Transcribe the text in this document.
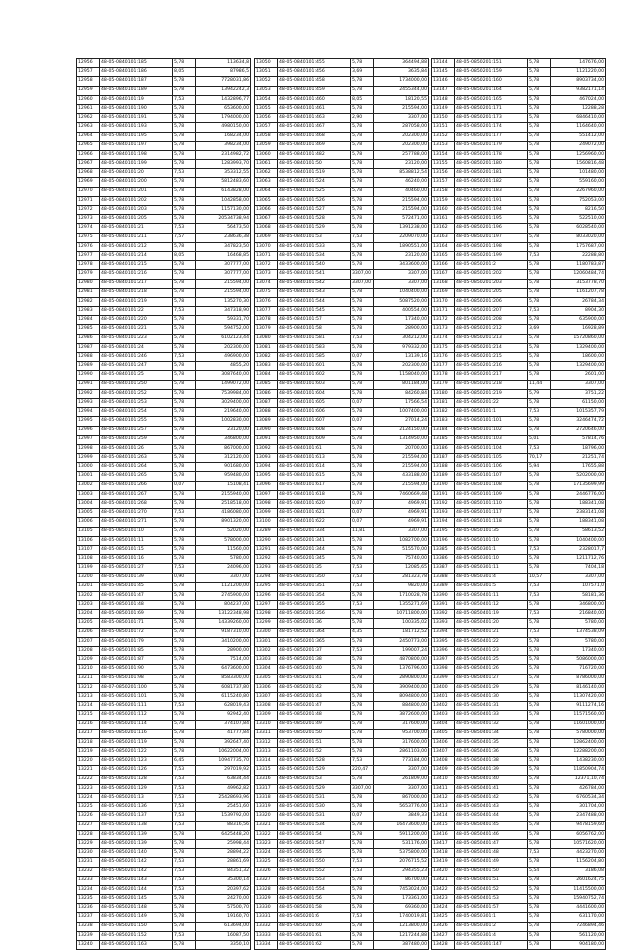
12956	48-05-0840101:185	5,78	113634,8
12957	48-05-0840101:186	8,05	87986,5
12958	48-05-0840101:187	5,78	7728031,86
12959	48-05-0840101:189	5,78	13942242,3
12960	48-05-0840101:19	7,53	1432896,77
12961	48-05-0840101:190	5,78	653600,00
12962	48-05-0840101:191	5,78	1794000,00
12963	48-05-0840101:193	5,78	4980150,00
12964	48-05-0840101:195	5,78	168234,00
12965	48-05-0840101:197	5,78	398234,00
12966	48-05-0840101:198	5,78	2314982,72
12967	48-05-0840101:199	5,78	1283993,70
12968	48-05-0840101:20	7,53	353312,55
12969	48-05-0840101:200	5,78	5812483,60
12970	48-05-0840101:201	5,78	6143828,00
12971	48-05-0840101:202	5,78	1042858,00
12972	48-05-0840101:203	5,78	1157130,00
12973	48-05-0840101:205	5,78	20534738,94
12974	48-05-0840101:21	7,53	56473,50
12975	48-05-0840101:211	7,57	238636,38
12976	48-05-0840101:212	5,78	347823,50
12977	48-05-0840101:214	8,05	16468,85
12978	48-05-0840101:215	5,78	307777,00
12979	48-05-0840101:216	5,78	307777,00
12980	48-05-0840101:217	5,78	215594,00
12981	48-05-0840101:218	5,78	215594,00
12982	48-05-0840101:219	5,78	135270,30
12983	48-05-0840101:22	7,53	347318,90
12984	48-05-0840101:220	5,78	59331,70
12985	48-05-0840101:221	5,78	594752,00
12986	48-05-0840101:223	5,78	6102123,44
12987	48-05-0840101:24	5,78	202300,00
12988	48-05-0840101:246	7,53	496900,00
12989	48-05-0840101:247	5,78	4855,20
12990	48-05-0840101:25	5,78	3087640,00
12991	48-05-0840101:250	5,78	1499072,00
12992	48-05-0840101:252	5,78	7539984,00
12993	48-05-0840101:253	5,78	3029400,00
12994	48-05-0840101:254	5,78	219640,00
12995	48-05-0840101:255	5,78	1002830,00
12996	48-05-0840101:257	5,78	23120,00
12997	48-05-0840101:259	5,78	346800,00
12998	48-05-0840101:26	5,78	867000,00
12999	48-05-0840101:263	5,78	312120,00
13000	48-05-0840101:264	5,78	901680,00
13001	48-05-0840101:265	5,78	959480,00
13002	48-05-0840101:266	0,07	15108,41
13003	48-05-0840101:267	5,78	2155940,00
13004	48-05-0840101:268	5,78	2518518,00
13005	48-05-0840101:270	7,53	4186080,00
13006	48-05-0840101:271	5,78	8901320,00
13105	48-05-0850101:10	5,78	52020,00
13106	48-05-0850101:11	5,78	578000,00
13107	48-05-0850101:15	5,78	11560,00
13108	48-05-0850101:16	5,78	5780,00
13199	48-05-0850101:27	7,53	24096,00
13200	48-05-0850101:39	0,90	3307,00
13201	48-05-0850101:45	5,78	1121200,00
13202	48-05-0850101:47	5,78	2745900,00
13203	48-05-0850101:48	5,78	804237,00
13204	48-05-0850101:69	5,78	13122348,98
13205	48-05-0850101:71	5,78	14339260,00
13206	48-05-0850101:72	5,78	9187310,00
13207	48-05-0850101:79	5,78	3410200,00
13208	48-05-0850101:85	5,78	28900,00
13209	48-05-0850101:87	5,78	7514,00
13210	48-05-0850101:90	5,78	6473600,00
13211	48-05-0850101:98	5,78	8583300,00
13212	48-07-0850201:100	5,78	6081737,80
13213	48-05-0850201:101	5,78	6115240,80
13214	48-05-0850201:111	7,53	628019,43
13215	48-05-0850201:112	5,78	92942,40
13216	48-05-0850201:114	5,78	374107,84
13217	48-05-0850201:116	5,78	41777,84
13218	48-05-0850201:119	5,78	392647,40
13219	48-05-0850201:122	5,78	10622004,00
13220	48-05-0850201:123	6,45	10947735,70
13221	48-05-0850201:126	7,53	297019,92
13222	48-05-0850201:128	7,53	63834,44
13223	48-05-0850201:129	7,53	49962,82
13224	48-05-0850201:13	7,53	25428693,96
13225	48-05-0850201:136	7,53	25451,60
13226	48-05-0850201:137	7,53	1539792,00
13227	48-05-0850201:138	7,53	88316,56
13228	48-05-0850201:139	5,78	6425448,20
13229	48-05-0850201:139	5,78	25998,44
13230	48-05-0850201:140	5,78	28894,22
13231	48-05-0850201:142	7,53	28861,69
13232	48-05-0850201:142	7,53	84351,32
13233	48-05-0850201:143	7,53	35300,14
13234	48-05-0850201:144	7,53	20397,62
13235	48-05-0850201:145	5,78	24270,00
13236	48-05-0850201:148	5,78	57500,70
13237	48-05-0850201:149	5,78	19160,70
13238	48-05-0850201:150	5,78	613694,00
13239	48-05-0850201:152	7,53	16087,50
13240	48-05-0850201:163	5,78	3350,10
13050	48-05-0840101:455	5,78	364494,88
13051	48-05-0840101:456	3,69	3635,84
13052	48-05-0840101:458	5,78	1734000,00
13053	48-05-0840101:459	5,78	2455344,00
13054	48-05-0840101:460	8,05	18120,55
13055	48-05-0840101:461	5,78	215594,00
13056	48-05-0840101:463	2,90	3307,00
13057	48-05-0840101:467	5,78	287058,00
13058	48-05-0840101:468	5,78	202300,00
13059	48-05-0840101:469	5,78	202300,00
13060	48-05-0840101:482	5,78	257788,00
13061	48-05-0840101:50	5,78	23120,00
13062	48-05-0840101:519	5,78	8538812,54
13063	48-05-0840101:524	5,78	46240,00
13064	48-05-0840101:525	5,78	40460,00
13065	48-05-0840101:526	5,78	215594,00
13066	48-05-0840101:527	5,78	215594,00
13067	48-05-0840101:528	5,78	572471,00
13068	48-05-0840101:529	5,78	1391238,00
13069	48-05-0840101:53	7,53	2209070,00
13070	48-05-0840101:533	5,78	1890551,00
13071	48-05-0840101:534	5,78	23120,00
13072	48-05-0840101:540	5,78	3433600,00
13073	48-05-0840101:541	3307,00	3307,00
13074	48-05-0840101:542	3307,00	3307,00
13075	48-05-0840101:543	5,78	1040400,00
13076	48-05-0840101:544	5,78	5087520,00
13077	48-05-0840101:545	5,78	400554,00
13078	48-05-0840101:57	5,78	17340,00
13079	48-05-0840101:58	5,78	28900,00
13080	48-05-0840101:581	7,53	304212,00
13081	48-05-0840101:583	5,78	979332,00
13082	48-05-0840101:585	0,07	13139,16
13083	48-05-0840101:601	5,78	202300,00
13084	48-05-0840101:602	5,78	1158040,00
13085	48-05-0840101:603	5,78	801184,00
13086	48-05-0840101:604	5,78	84260,84
13087	48-05-0840101:605	0,07	17566,54
13088	48-05-0840101:606	5,78	1007400,00
13089	48-05-0840101:607	0,07	27014,24
13090	48-05-0840101:608	5,78	2124150,00
13091	48-05-0840101:609	5,78	1314950,00
13092	48-05-0840101:61	5,78	20700,00
13093	48-05-0840101:613	5,78	215594,00
13094	48-05-0840101:614	5,78	215594,00
13095	48-05-0840101:615	5,78	433188,00
13096	48-05-0840101:617	5,78	215594,00
13097	48-05-0840101:618	5,78	7460669,48
13098	48-05-0840101:620	0,07	4969,91
13099	48-05-0840101:621	0,07	4969,91
13100	48-05-0840101:622	0,07	4969,91
13289	48-05-0850201:334	11,81	3307,00
13290	48-05-0850201:341	5,78	1082700,00
13291	48-05-0850201:344	5,78	515570,00
13292	48-05-0850201:345	5,78	75740,00
13293	48-05-0850201:35	7,53	12085,65
13294	48-05-0850201:350	7,53	281323,78
13295	48-05-0850201:351	7,53	9820,00
13296	48-05-0850201:354	5,78	1710028,78
13297	48-05-0850201:355	7,53	1355271,69
13298	48-05-0850201:356	5,78	10711800,00
13299	48-05-0850201:36	5,78	100335,02
13300	48-05-0850201:364	4,35	181712,52
13301	48-05-0850201:365	5,78	2450773,00
13302	48-05-0850201:37	7,53	199007,24
13303	48-05-0850201:38	5,78	4870800,00
13304	48-05-0850201:40	5,78	1376796,00
13305	48-05-0850201:41	5,78	2890800,00
13306	48-05-0850201:42	5,78	3909400,00
13307	48-05-0850201:43	5,78	8094800,00
13308	48-05-0850201:47	5,78	884800,00
13309	48-05-0850201:48	5,78	3872600,00
13310	48-05-0850201:49	5,78	317600,00
13311	48-05-0850201:50	5,78	953700,00
13312	48-05-0850201:51	5,78	317600,00
13313	48-05-0850201:52	5,78	2861103,00
13314	48-05-0850201:528	7,53	773184,00
13315	48-05-0850201:529	220,47	3307,00
13316	48-05-0850201:53	5,78	261809,00
13317	48-05-0850201:529	3307,00	3307,00
13318	48-05-0850201:531	5,78	867000,00
13319	48-05-0850201:530	5,78	5653776,00
13320	48-05-0850201:531	0,07	3849,33
13321	48-05-0850201:534	5,78	16473600,00
13322	48-05-0850201:54	5,78	5911200,00
13323	48-05-0850201:547	5,78	531176,00
13324	48-05-0850201:55	5,78	5375800,00
13325	48-05-0850201:550	7,53	2076715,52
13326	48-05-0850201:552	7,53	294355,23
13327	48-05-0850201:553	5,78	86700,00
13328	48-05-0850201:554	5,78	7453024,00
13329	48-05-0850201:56	5,78	173361,00
13330	48-05-0850201:58	5,78	69360,00
13331	48-05-0850201:6	7,53	1740019,81
13332	48-05-0850201:60	5,78	1213800,00
13333	48-05-0850201:61	5,78	1217244,88
13334	48-05-0850201:62	5,78	387480,00
13144	48-05-0850201:151	5,78	147676,00
13145	48-05-0850201:159	5,78	1121220,00
13146	48-05-0850201:160	5,78	8903734,00
13147	48-05-0850201:164	5,78	9382171,14
13148	48-05-0850201:165	5,78	467024,00
13149	48-05-0850201:171	5,78	12288,28
13150	48-05-0850201:173	5,78	6846410,00
13151	48-05-0850201:174	5,78	1164640,00
13152	48-05-0850201:177	5,78	551412,00
13153	48-05-0850201:179	5,78	249072,00
13154	48-05-0850201:178	5,78	1256960,00
13155	48-05-0850201:180	5,78	1560816,48
13156	48-05-0850201:181	5,78	101480,00
13157	48-05-0850201:182	5,78	559160,00
13158	48-05-0850201:183	5,78	2267960,00
13159	48-05-0850201:191	5,78	752053,00
13160	48-05-0850201:194	5,78	8216,50
13161	48-05-0850201:195	5,78	522510,00
13162	48-05-0850201:196	5,78	6028540,00
13163	48-05-0850201:197	5,78	8033020,00
13164	48-05-0850201:198	5,78	1757687,00
13165	48-05-0850201:199	7,53	22288,80
13166	48-05-0850201:2	5,78	1180783,87
13167	48-05-0850201:202	5,78	12060484,74
13168	48-05-0850201:203	5,78	3153778,70
13169	48-05-0850201:205	5,78	1161207,78
13170	48-05-0850201:206	5,78	26784,34
13171	48-05-0850201:207	7,53	8904,30
13172	48-05-0850201:208	5,78	635900,00
13173	48-05-0850201:212	3,69	16928,89
13174	48-05-0850201:213	5,78	15720860,00
13175	48-05-0850201:214	5,78	1329400,00
13176	48-05-0850201:215	5,78	18600,00
13177	48-05-0850201:216	5,78	1329400,00
13178	48-05-0850201:217	5,78	2601,00
13179	48-05-0850201:218	11,44	3307,00
13180	48-05-0850201:219	5,79	3751,22
13181	48-05-0850201:22	5,78	61150,00
13182	48-05-0850101:1	7,53	1015357,79
13183	48-05-0850101:101	5,78	3246474,72
13184	48-05-0850101:102	5,78	2720646,00
13185	48-05-0850101:103	5,01	57814,76
13186	48-05-0850101:104	7,53	18796,00
13187	48-05-0850101:105	70,17	21251,74
13188	48-05-0850101:106	5,94	17655,88
13189	48-05-0850101:107	5,78	5202000,00
13190	48-05-0850101:108	5,78	17135699,99
13191	48-05-0850101:109	5,78	2446776,00
13192	48-05-0850101:110	5,78	188341,08
13193	48-05-0850101:117	5,78	2383141,08
13194	48-05-0850101:118	5,78	188341,08
13195	48-05-0850101:35	5,78	58613,52
13196	48-05-0850101:10	5,78	1040400,00
13385	48-05-0850301:1	7,53	2328017,7
13386	48-05-0850301:10	5,78	1211712,76
13387	48-05-0850301:11	5,78	7404,18
13388	48-05-0850301:4	10,57	3307,00
13389	48-05-0850301:5	7,53	107571,0
13390	48-05-0850401:11	7,53	58181,36
13391	48-05-0850401:12	5,78	346800,00
13392	48-05-0850401:19	7,53	216840,00
13393	48-05-0850401:20	5,78	5780,00
13394	48-05-0850401:21	7,53	1374538,09
13395	48-05-0850401:22	5,78	5780,00
13396	48-05-0850401:23	5,78	17340,00
13397	48-05-0850401:25	5,78	5086000,00
13398	48-05-0850401:26	5,78	716720,00
13399	48-05-0850401:27	5,78	8786000,00
13400	48-05-0850401:29	5,78	8146140,00
13401	48-05-0850401:30	5,78	11307420,00
13402	48-05-0850401:31	5,78	9111274,16
13403	48-05-0850401:33	5,78	11571560,00
13404	48-05-0850401:32	5,78	11601000,00
13405	48-05-0850401:34	5,78	5780000,00
13406	48-05-0850401:35	5,78	12862400,00
13407	48-05-0850401:36	5,78	12288200,00
13408	48-05-0850401:38	5,78	1438230,00
13409	48-05-0850401:39	5,78	11850904,74
13410	48-05-0850401:40	5,78	12371,10,74
13411	48-05-0850401:41	5,78	426784,00
13412	48-05-0850401:42	5,78	6760534,34
13413	48-05-0850401:43	5,78	301704,00
13414	48-05-0850401:44	5,78	2347488,00
13415	48-05-0850401:45	5,78	9478159,60
13416	48-05-0850401:46	5,78	6056762,00
13417	48-05-0850401:47	5,78	10571620,00
13418	48-05-0850401:48	7,53	4423270,00
13419	48-05-0850401:49	5,78	1156204,80
13420	48-05-0850401:50	5,54	3186,08
13421	48-05-0850401:51	5,78	2601624,75
13422	48-05-0850401:52	5,78	11415500,00
13423	48-05-0850401:53	5,78	15940752,74
13424	48-05-0850401:57	5,78	4441600,00
13425	48-05-0850301:1	5,78	631170,00
13426	48-05-0850301:2	5,78	7246894,46
13427	48-05-0850301:4	5,78	561120,00
13428	48-05-0850301:147	5,78	904180,00
